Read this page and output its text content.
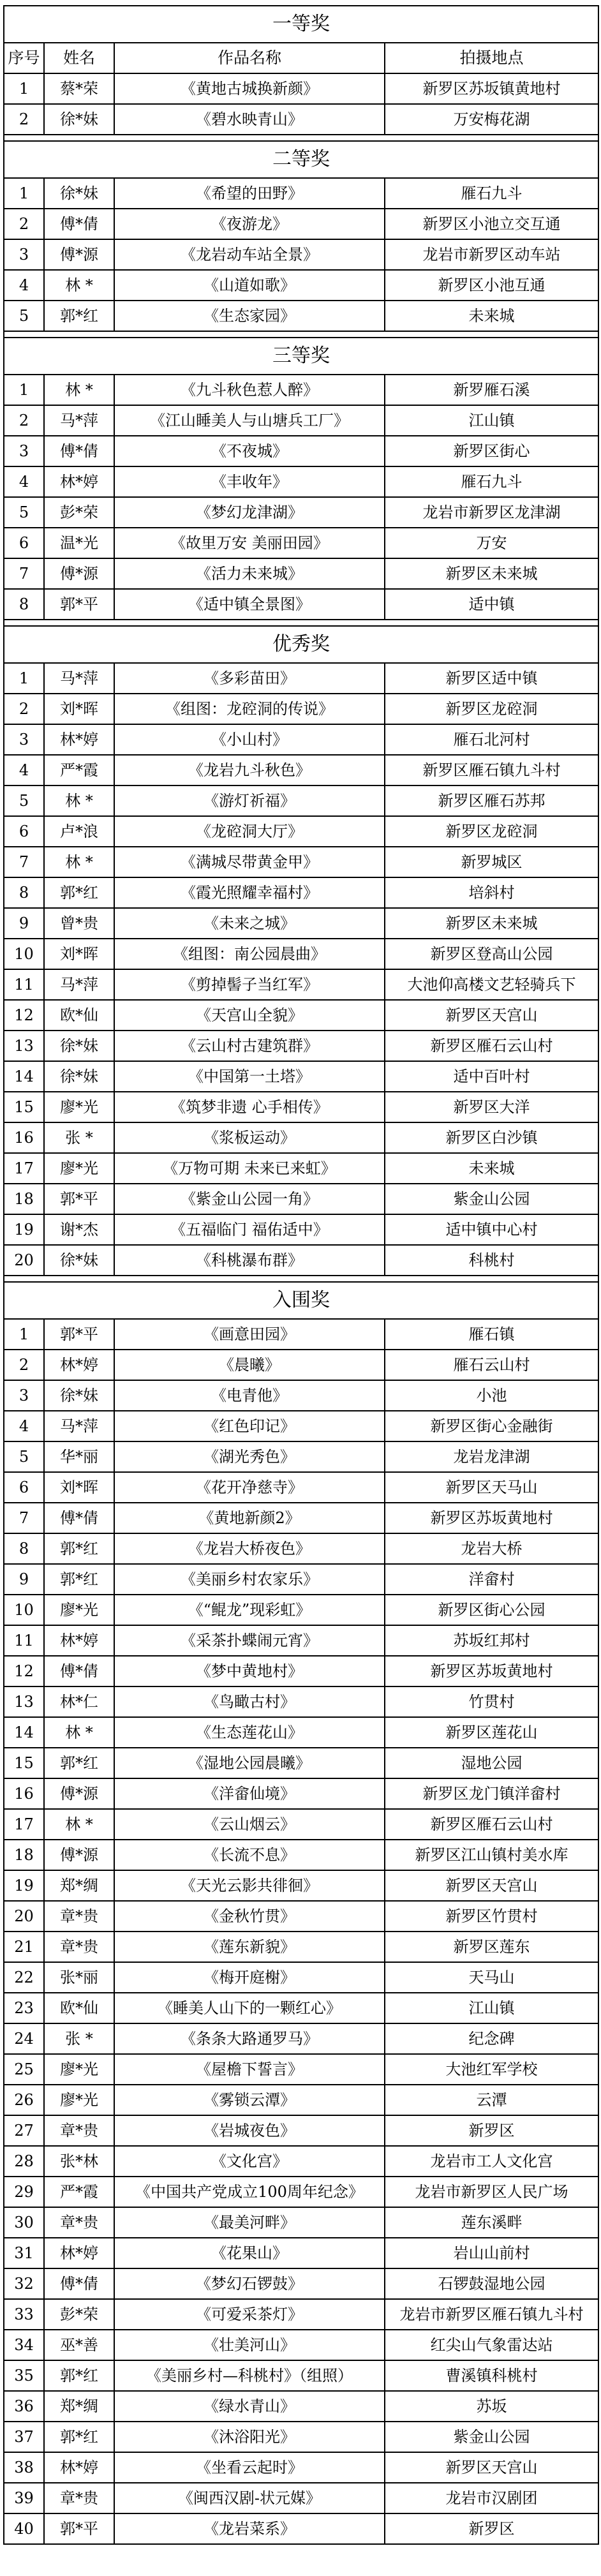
一等奖			
序号	姓名	作品名称	拍摄地点
1	蔡*荣	《黄地古城换新颜》	新罗区苏坂镇黄地村
2	徐*妹	《碧水映青山》	万安梅花湖

二等奖			
1	徐*妹	《希望的田野》	雁石九斗
2	傅*倩	《夜游龙》	新罗区小池立交互通
3	傅*源	《龙岩动车站全景》	龙岩市新罗区动车站
4	林 *	《山道如歌》	新罗区小池互通
5	郭*红	《生态家园》	未来城

三等奖			
1	林 *	《九斗秋色惹人醉》	新罗雁石溪
2	马*萍	《江山睡美人与山塘兵工厂》	江山镇
3	傅*倩	《不夜城》	新罗区街心
4	林*婷	《丰收年》	雁石九斗
5	彭*荣	《梦幻龙津湖》	龙岩市新罗区龙津湖
6	温*光	《故里万安 美丽田园》	万安
7	傅*源	《活力未来城》	新罗区未来城
8	郭*平	《适中镇全景图》	适中镇

优秀奖			
1	马*萍	《多彩苗田》	新罗区适中镇
2	刘*晖	《组图：龙硿洞的传说》	新罗区龙硿洞
3	林*婷	《小山村》	雁石北河村
4	严*霞	《龙岩九斗秋色》	新罗区雁石镇九斗村
5	林 *	《游灯祈福》	新罗区雁石苏邦
6	卢*浪	《龙硿洞大厅》	新罗区龙硿洞
7	林 *	《满城尽带黄金甲》	新罗城区
8	郭*红	《霞光照耀幸福村》	培斜村
9	曾*贵	《未来之城》	新罗区未来城
10	刘*晖	《组图：南公园晨曲》	新罗区登高山公园
11	马*萍	《剪掉髻子当红军》	大池仰高楼文艺轻骑兵下
12	欧*仙	《天宫山全貌》	新罗区天宫山
13	徐*妹	《云山村古建筑群》	新罗区雁石云山村
14	徐*妹	《中国第一土塔》	适中百叶村
15	廖*光	《筑梦非遗 心手相传》	新罗区大洋
16	张 *	《浆板运动》	新罗区白沙镇
17	廖*光	《万物可期 未来已来虹》	未来城
18	郭*平	《紫金山公园一角》	紫金山公园
19	谢*杰	《五福临门 福佑适中》	适中镇中心村
20	徐*妹	《科桃瀑布群》	科桃村

入围奖			
1	郭*平	《画意田园》	雁石镇
2	林*婷	《晨曦》	雁石云山村
3	徐*妹	《电青他》	小池
4	马*萍	《红色印记》	新罗区街心金融街
5	华*丽	《湖光秀色》	龙岩龙津湖
6	刘*晖	《花开净慈寺》	新罗区天马山
7	傅*倩	《黄地新颜2》	新罗区苏坂黄地村
8	郭*红	《龙岩大桥夜色》	龙岩大桥
9	郭*红	《美丽乡村农家乐》	洋畲村
10	廖*光	《“鲲龙”现彩虹》	新罗区街心公园
11	林*婷	《采茶扑蝶闹元宵》	苏坂红邦村
12	傅*倩	《梦中黄地村》	新罗区苏坂黄地村
13	林*仁	《鸟瞰古村》	竹贯村
14	林 *	《生态莲花山》	新罗区莲花山
15	郭*红	《湿地公园晨曦》	湿地公园
16	傅*源	《洋畲仙境》	新罗区龙门镇洋畲村
17	林 *	《云山烟云》	新罗区雁石云山村
18	傅*源	《长流不息》	新罗区江山镇村美水库
19	郑*绸	《天光云影共徘徊》	新罗区天宫山
20	章*贵	《金秋竹贯》	新罗区竹贯村
21	章*贵	《莲东新貌》	新罗区莲东
22	张*丽	《梅开庭榭》	天马山
23	欧*仙	《睡美人山下的一颗红心》	江山镇
24	张 *	《条条大路通罗马》	纪念碑
25	廖*光	《屋檐下誓言》	大池红军学校
26	廖*光	《雾锁云潭》	云潭
27	章*贵	《岩城夜色》	新罗区
28	张*林	《文化宫》	龙岩市工人文化宫
29	严*霞	《中国共产党成立100周年纪念》	龙岩市新罗区人民广场
30	章*贵	《最美河畔》	莲东溪畔
31	林*婷	《花果山》	岩山山前村
32	傅*倩	《梦幻石锣鼓》	石锣鼓湿地公园
33	彭*荣	《可爱采茶灯》	龙岩市新罗区雁石镇九斗村
34	巫*善	《壮美河山》	红尖山气象雷达站
35	郭*红	《美丽乡村—科桃村》（组照）	曹溪镇科桃村
36	郑*绸	《绿水青山》	苏坂
37	郭*红	《沐浴阳光》	紫金山公园
38	林*婷	《坐看云起时》	新罗区天宫山
39	章*贵	《闽西汉剧-状元媒》	龙岩市汉剧团
40	郭*平	《龙岩菜系》	新罗区
